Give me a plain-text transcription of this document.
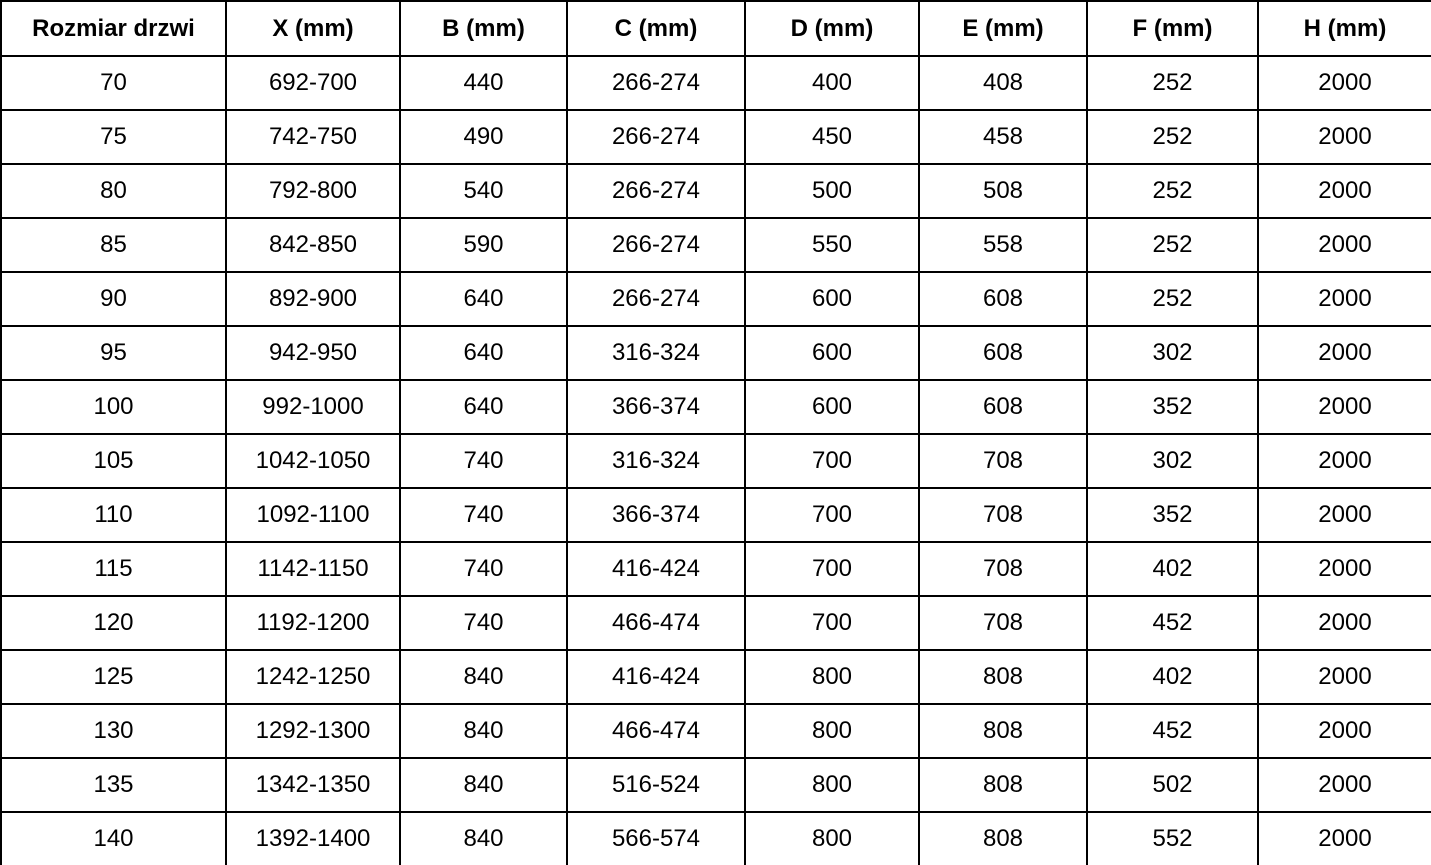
Rozmiar drzwi	X (mm)	B (mm)	C (mm)	D (mm)	E (mm)	F (mm)	H (mm)
70	692-700	440	266-274	400	408	252	2000
75	742-750	490	266-274	450	458	252	2000
80	792-800	540	266-274	500	508	252	2000
85	842-850	590	266-274	550	558	252	2000
90	892-900	640	266-274	600	608	252	2000
95	942-950	640	316-324	600	608	302	2000
100	992-1000	640	366-374	600	608	352	2000
105	1042-1050	740	316-324	700	708	302	2000
110	1092-1100	740	366-374	700	708	352	2000
115	1142-1150	740	416-424	700	708	402	2000
120	1192-1200	740	466-474	700	708	452	2000
125	1242-1250	840	416-424	800	808	402	2000
130	1292-1300	840	466-474	800	808	452	2000
135	1342-1350	840	516-524	800	808	502	2000
140	1392-1400	840	566-574	800	808	552	2000
